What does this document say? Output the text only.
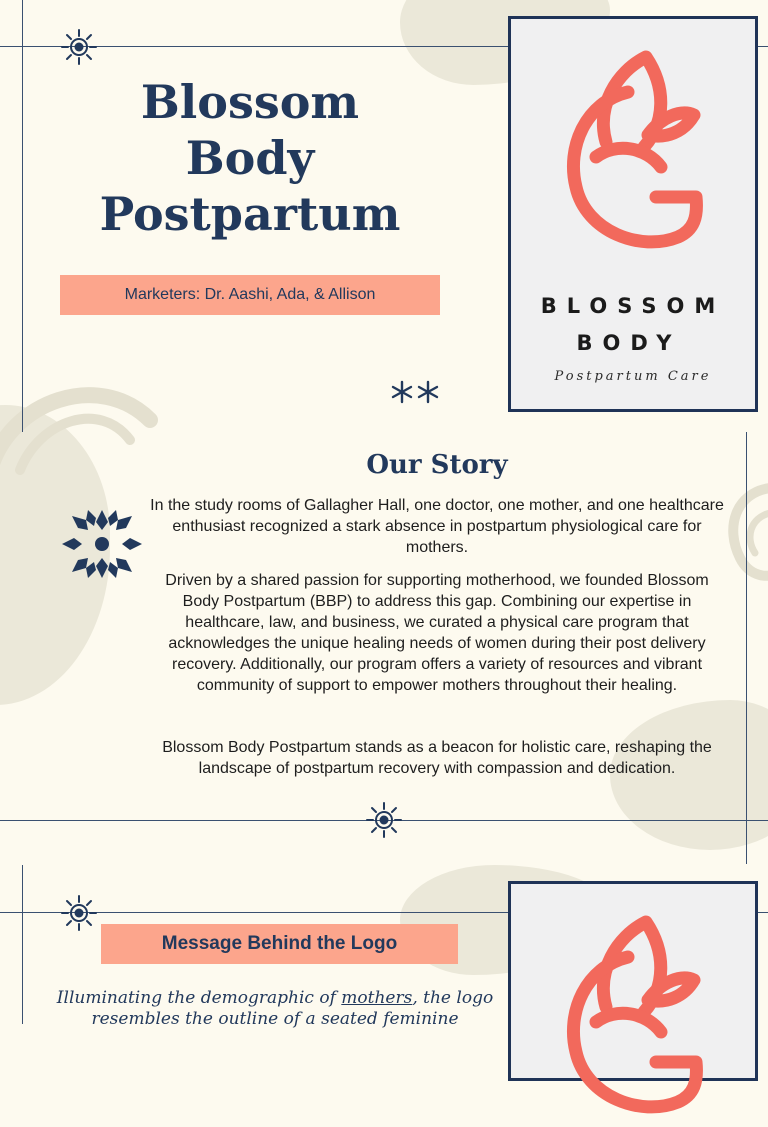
Blossom
Body
Postpartum
Marketers: Dr. Aashi, Ada, & Allison	BLOSSOM

BODY

Postpartum Care

Our Story

In the study rooms of Gallagher Hall, one doctor, one mother, and one healthcare enthusiast recognized a stark absence in postpartum physiological care for mothers.

Driven by a shared passion for supporting motherhood, we founded Blossom Body Postpartum (BBP) to address this gap. Combining our expertise in healthcare, law, and business, we curated a physical care program that acknowledges the unique healing needs of women during their post delivery recovery. Additionally, our program offers a variety of resources and vibrant community of support to empower mothers throughout their healing.

Blossom Body Postpartum stands as a beacon for holistic care, reshaping the landscape of postpartum recovery with compassion and dedication.

Message Behind the Logo

Illuminating the demographic of mothers, the logo resembles the outline of a seated feminine
